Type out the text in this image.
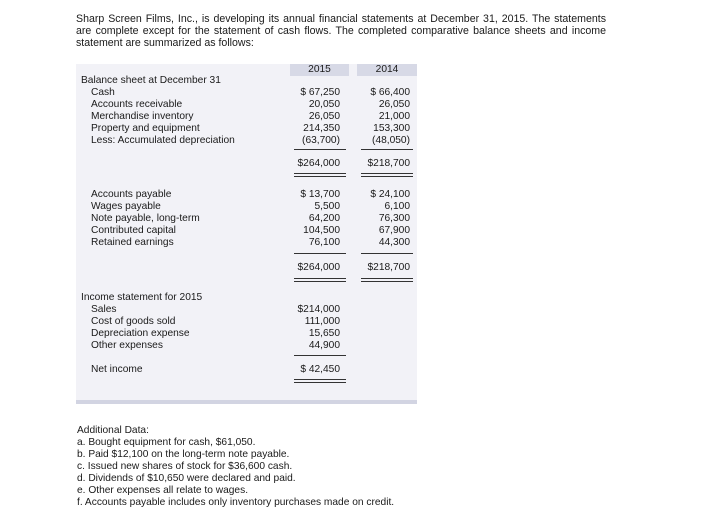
Sharp Screen Films, Inc., is developing its annual financial statements at December 31, 2015. The statements are complete except for the statement of cash flows. The completed comparative balance sheets and income statement are summarized as follows:
2015	2014
Balance sheet at December 31
Cash	$ 67,250	$ 66,400
Accounts receivable	20,050	26,050
Merchandise inventory	26,050	21,000
Property and equipment	214,350	153,300
Less: Accumulated depreciation	(63,700)	(48,050)
$264,000	$218,700
Accounts payable	$ 13,700	$ 24,100
Wages payable	5,500	6,100
Note payable, long-term	64,200	76,300
Contributed capital	104,500	67,900
Retained earnings	76,100	44,300
$264,000	$218,700
Income statement for 2015
Sales	$214,000
Cost of goods sold	111,000
Depreciation expense	15,650
Other expenses	44,900
Net income	$ 42,450
Additional Data:
a. Bought equipment for cash, $61,050.
b. Paid $12,100 on the long-term note payable.
c. Issued new shares of stock for $36,600 cash.
d. Dividends of $10,650 were declared and paid.
e. Other expenses all relate to wages.
f. Accounts payable includes only inventory purchases made on credit.
